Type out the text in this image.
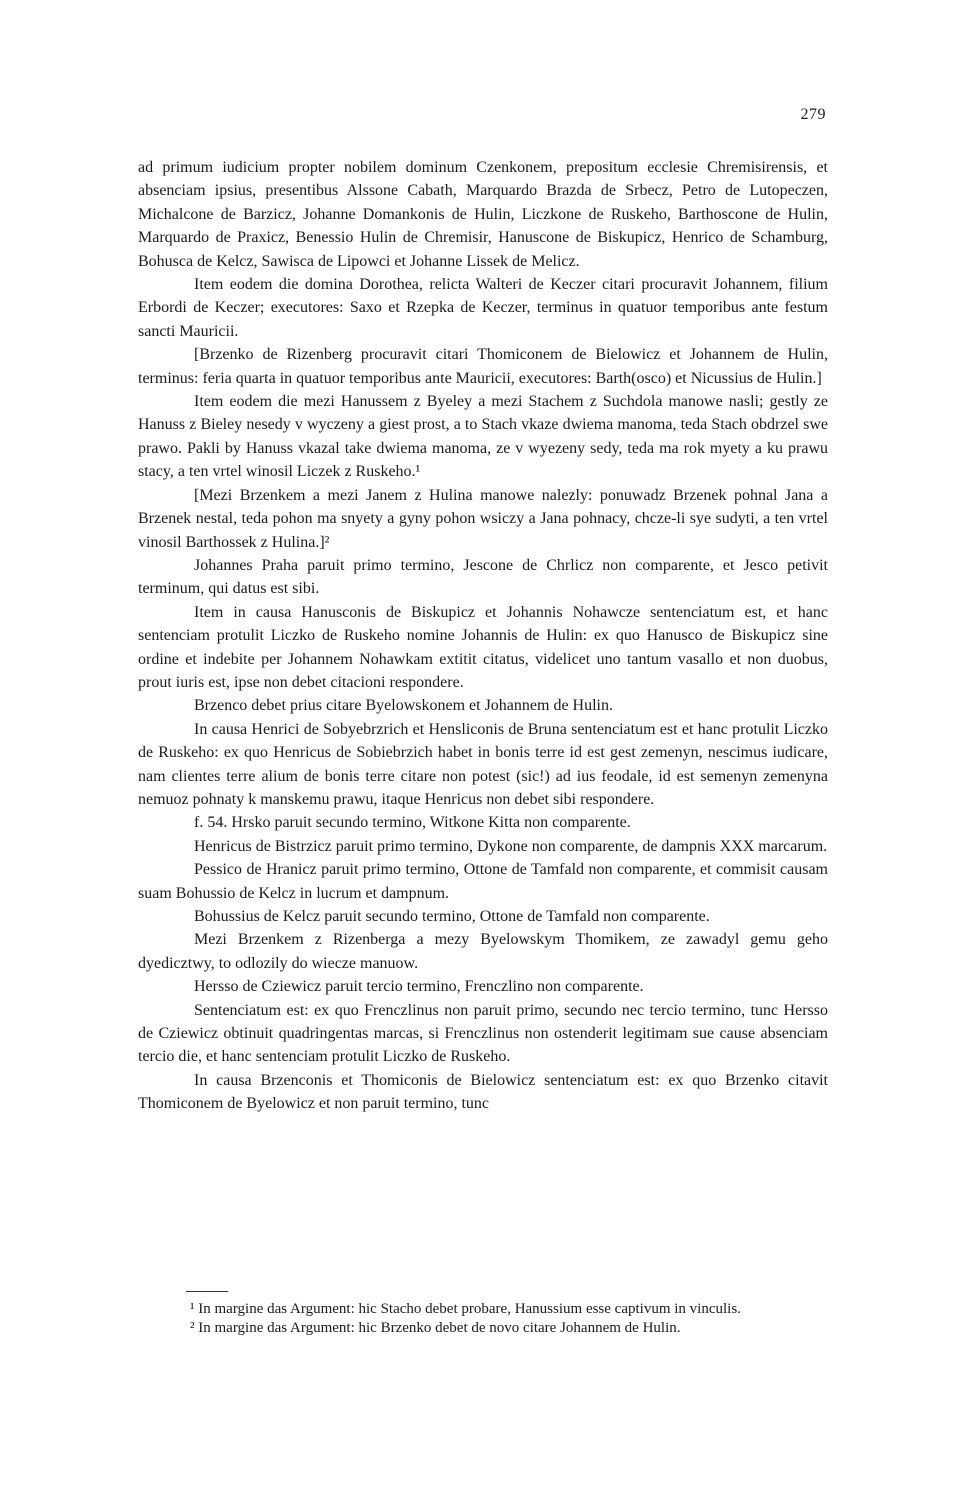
279

ad primum iudicium propter nobilem dominum Czenkonem, prepositum ecclesie Chremisirensis, et absenciam ipsius, presentibus Alssone Cabath, Marquardo Brazda de Srbecz, Petro de Lutopeczen, Michalcone de Barzicz, Johanne Domankonis de Hulin, Liczkone de Ruskeho, Barthoscone de Hulin, Marquardo de Praxicz, Benessio Hulin de Chremisir, Hanuscone de Biskupicz, Henrico de Schamburg, Bohusca de Kelcz, Sawisca de Lipowci et Johanne Lissek de Melicz.

Item eodem die domina Dorothea, relicta Walteri de Keczer citari procuravit Johannem, filium Erbordi de Keczer; executores: Saxo et Rzepka de Keczer, terminus in quatuor temporibus ante festum sancti Mauricii.

[Brzenko de Rizenberg procuravit citari Thomiconem de Bielowicz et Johannem de Hulin, terminus: feria quarta in quatuor temporibus ante Mauricii, executores: Barth(osco) et Nicussius de Hulin.]

Item eodem die mezi Hanussem z Byeley a mezi Stachem z Suchdola manowe nasli; gestly ze Hanuss z Bieley nesedy v wyczeny a giest prost, a to Stach vkaze dwiema manoma, teda Stach obdrzel swe prawo. Pakli by Hanuss vkazal take dwiema manoma, ze v wyezeny sedy, teda ma rok myety a ku prawu stacy, a ten vrtel winosil Liczek z Ruskeho.¹

[Mezi Brzenkem a mezi Janem z Hulina manowe nalezly: ponuwadz Brzenek pohnal Jana a Brzenek nestal, teda pohon ma snyety a gyny pohon wsiczy a Jana pohnacy, chcze-li sye sudyti, a ten vrtel vinosil Barthossek z Hulina.]²

Johannes Praha paruit primo termino, Jescone de Chrlicz non comparente, et Jesco petivit terminum, qui datus est sibi.

Item in causa Hanusconis de Biskupicz et Johannis Nohawcze sentenciatum est, et hanc sentenciam protulit Liczko de Ruskeho nomine Johannis de Hulin: ex quo Hanusco de Biskupicz sine ordine et indebite per Johannem Nohawkam extitit citatus, videlicet uno tantum vasallo et non duobus, prout iuris est, ipse non debet citacioni respondere.

Brzenco debet prius citare Byelowskonem et Johannem de Hulin.

In causa Henrici de Sobyebrzrich et Hensliconis de Bruna sentenciatum est et hanc protulit Liczko de Ruskeho: ex quo Henricus de Sobiebrzich habet in bonis terre id est gest zemenyn, nescimus iudicare, nam clientes terre alium de bonis terre citare non potest (sic!) ad ius feodale, id est semenyn zemenyna nemuoz pohnaty k manskemu prawu, itaque Henricus non debet sibi respondere.

f. 54. Hrsko paruit secundo termino, Witkone Kitta non comparente.

Henricus de Bistrzicz paruit primo termino, Dykone non comparente, de dampnis XXX marcarum.

Pessico de Hranicz paruit primo termino, Ottone de Tamfald non comparente, et commisit causam suam Bohussio de Kelcz in lucrum et dampnum.

Bohussius de Kelcz paruit secundo termino, Ottone de Tamfald non comparente.

Mezi Brzenkem z Rizenberga a mezy Byelowskym Thomikem, ze zawadyl gemu geho dyedicztwy, to odlozily do wiecze manuow.

Hersso de Cziewicz paruit tercio termino, Frenczlino non comparente.

Sentenciatum est: ex quo Frenczlinus non paruit primo, secundo nec tercio termino, tunc Hersso de Cziewicz obtinuit quadringentas marcas, si Frenczlinus non ostenderit legitimam sue cause absenciam tercio die, et hanc sentenciam protulit Liczko de Ruskeho.

In causa Brzenconis et Thomiconis de Bielowicz sentenciatum est: ex quo Brzenko citavit Thomiconem de Byelowicz et non paruit termino, tunc

¹ In margine das Argument: hic Stacho debet probare, Hanussium esse captivum in vinculis.

² In margine das Argument: hic Brzenko debet de novo citare Johannem de Hulin.
